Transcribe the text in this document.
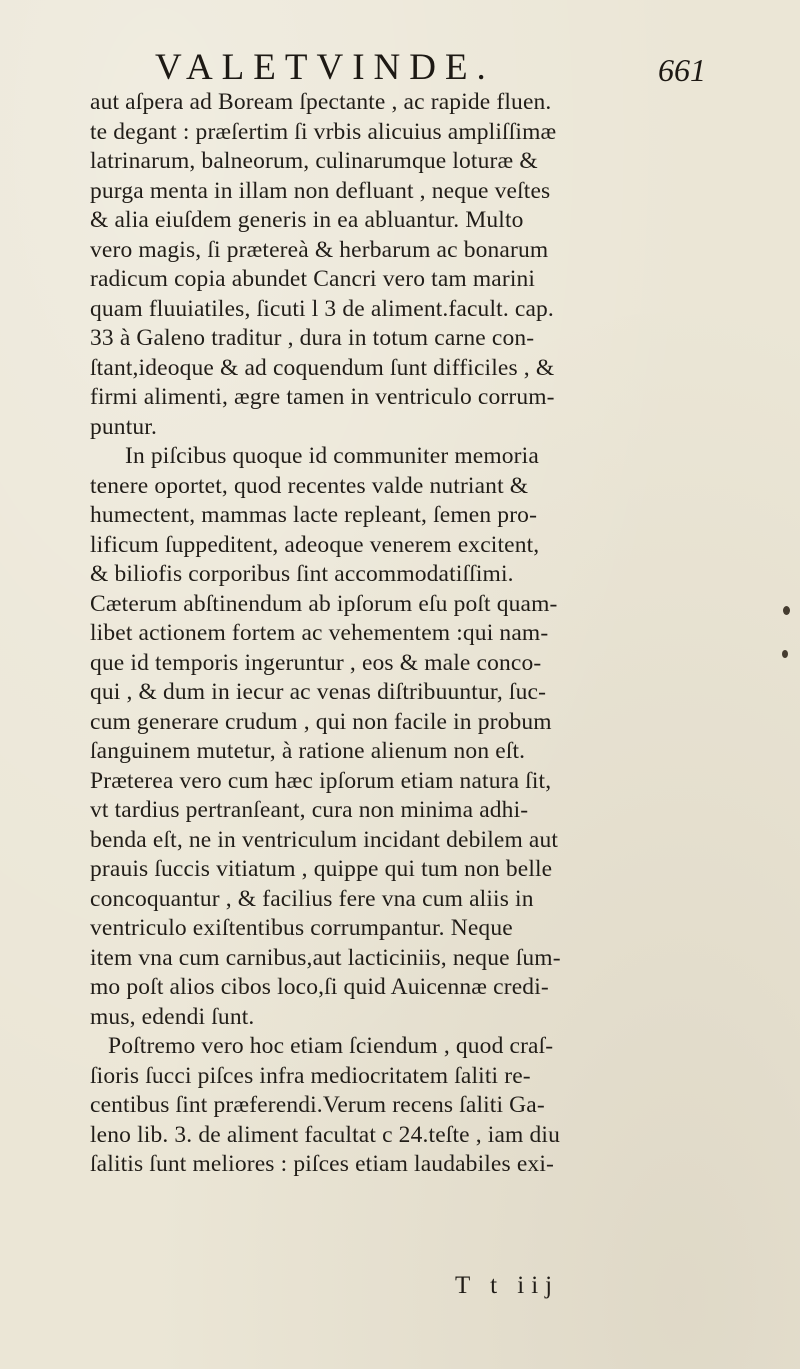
VALETVINDE.	661
aut aſpera ad Boream ſpectante , ac rapide fluen.
te degant : præſertim ſi vrbis alicuius ampliſſimæ
latrinarum, balneorum, culinarumque loturæ &
purga menta in illam non defluant , neque veſtes
& alia eiuſdem generis in ea abluantur. Multo
vero magis, ſi prætereà & herbarum ac bonarum
radicum copia abundet Cancri vero tam marini
quam fluuiatiles, ſicuti l 3 de aliment.facult. cap.
33 à Galeno traditur , dura in totum carne con-
ſtant,ideoque & ad coquendum ſunt difficiles , &
firmi alimenti, ægre tamen in ventriculo corrum-
puntur.
In piſcibus quoque id communiter memoria
tenere oportet, quod recentes valde nutriant &
humectent, mammas lacte repleant, ſemen pro-
lificum ſuppeditent, adeoque venerem excitent,
& biliofis corporibus ſint accommodatiſſimi.
Cæterum abſtinendum ab ipſorum eſu poſt quam-
libet actionem fortem ac vehementem :qui nam-
que id temporis ingeruntur , eos & male conco-
qui , & dum in iecur ac venas diſtribuuntur, ſuc-
cum generare crudum , qui non facile in probum
ſanguinem mutetur, à ratione alienum non eſt.
Præterea vero cum hæc ipſorum etiam natura ſit,
vt tardius pertranſeant, cura non minima adhi-
benda eſt, ne in ventriculum incidant debilem aut
prauis ſuccis vitiatum , quippe qui tum non belle
concoquantur , & facilius fere vna cum aliis in
ventriculo exiſtentibus corrumpantur. Neque
item vna cum carnibus,aut lacticiniis, neque ſum-
mo poſt alios cibos loco,ſi quid Auicennæ credi-
mus, edendi ſunt.
Poſtremo vero hoc etiam ſciendum , quod craſ-
ſioris ſucci piſces infra mediocritatem ſaliti re-
centibus ſint præferendi.Verum recens ſaliti Ga-
leno lib. 3. de aliment facultat c 24.teſte , iam diu
ſalitis ſunt meliores : piſces etiam laudabiles exi-
T t iij
